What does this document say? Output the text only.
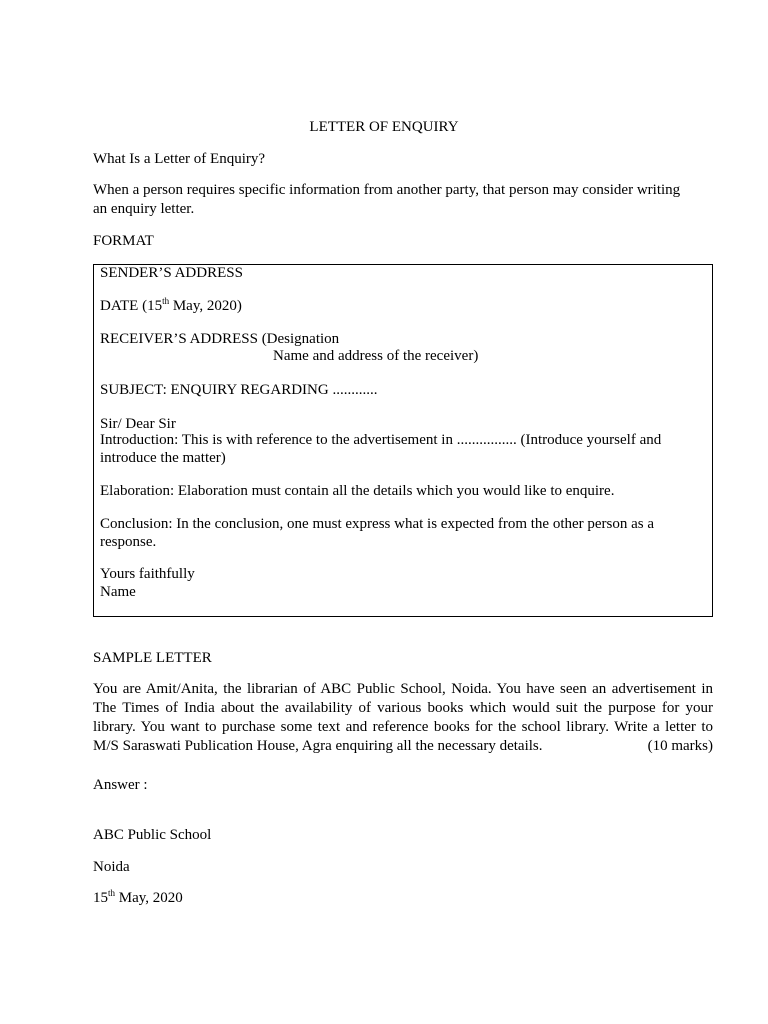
LETTER OF ENQUIRY
What Is a Letter of Enquiry?
When a person requires specific information from another party, that person may consider writing
an enquiry letter.
FORMAT
SENDER’S ADDRESS
DATE (15th May, 2020)
RECEIVER’S ADDRESS (Designation
Name and address of the receiver)
SUBJECT: ENQUIRY REGARDING ............
Sir/ Dear Sir
Introduction: This is with reference to the advertisement in ................ (Introduce yourself and
introduce the matter)
Elaboration: Elaboration must contain all the details which you would like to enquire.
Conclusion: In the conclusion, one must express what is expected from the other person as a
response.
Yours faithfully
Name
SAMPLE LETTER
You are Amit/Anita, the librarian of ABC Public School, Noida. You have seen an advertisement in
The Times of India about the availability of various books which would suit the purpose for your
library. You want to purchase some text and reference books for the school library. Write a letter to
M/S Saraswati Publication House, Agra enquiring all the necessary details.	(10 marks)
Answer :
ABC Public School
Noida
15th May, 2020
